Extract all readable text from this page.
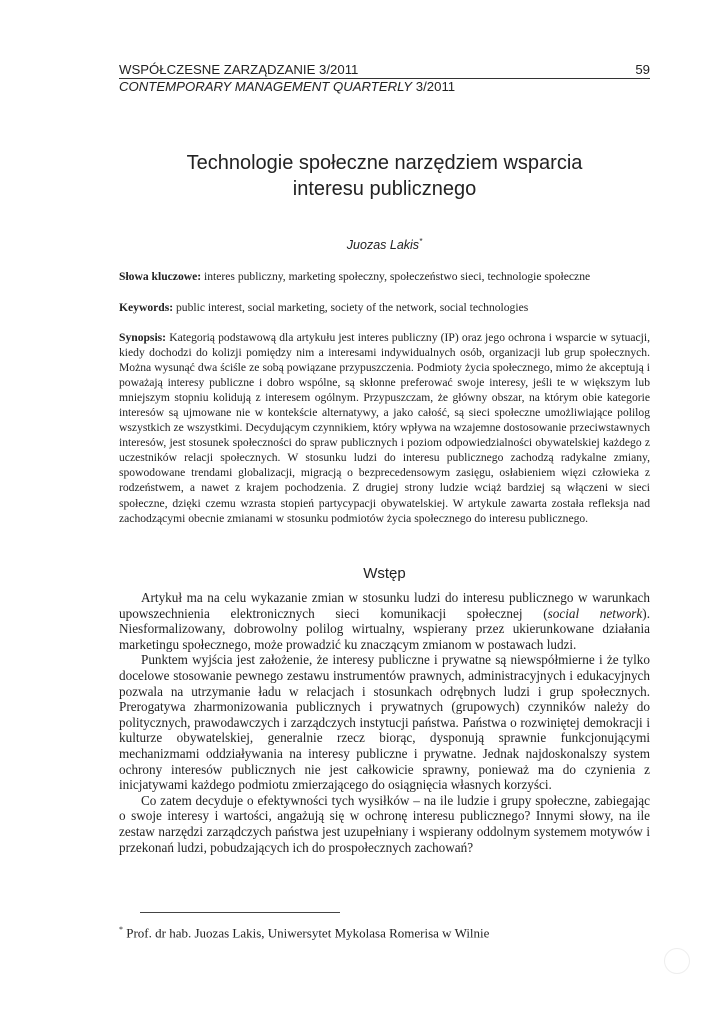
WSPÓŁCZESNE ZARZĄDZANIE 3/2011	59
CONTEMPORARY MANAGEMENT QUARTERLY 3/2011
Technologie społeczne narzędziem wsparcia
interesu publicznego
Juozas Lakis*
Słowa kluczowe: interes publiczny, marketing społeczny, społeczeństwo sieci, technologie społeczne
Keywords: public interest, social marketing, society of the network, social technologies
Synopsis: Kategorią podstawową dla artykułu jest interes publiczny (IP) oraz jego ochrona i wsparcie w sytuacji, kiedy dochodzi do kolizji pomiędzy nim a interesami indywidualnych osób, organizacji lub grup społecznych. Można wysunąć dwa ściśle ze sobą powiązane przypuszczenia. Podmioty życia społecznego, mimo że akceptują i poważają interesy publiczne i dobro wspólne, są skłonne preferować swoje interesy, jeśli te w większym lub mniejszym stopniu kolidują z interesem ogólnym. Przypuszczam, że główny obszar, na którym obie kategorie interesów są ujmowane nie w kontekście alternatywy, a jako całość, są sieci społeczne umożliwiające polilog wszystkich ze wszystkimi. Decydującym czynnikiem, który wpływa na wzajemne dostosowanie przeciwstawnych interesów, jest stosunek społeczności do spraw publicznych i poziom odpowiedzialności obywatelskiej każdego z uczestników relacji społecznych. W stosunku ludzi do interesu publicznego zachodzą radykalne zmiany, spowodowane trendami globalizacji, migracją o bezprecedensowym zasięgu, osłabieniem więzi człowieka z rodzeństwem, a nawet z krajem pochodzenia. Z drugiej strony ludzie wciąż bardziej są włączeni w sieci społeczne, dzięki czemu wzrasta stopień partycypacji obywatelskiej. W artykule zawarta została refleksja nad zachodzącymi obecnie zmianami w stosunku podmiotów życia społecznego do interesu publicznego.
Wstęp

Artykuł ma na celu wykazanie zmian w stosunku ludzi do interesu publicznego w warunkach upowszechnienia elektronicznych sieci komunikacji społecznej (social network). Niesformalizowany, dobrowolny polilog wirtualny, wspierany przez ukierunkowane działania marketingu społecznego, może prowadzić ku znaczącym zmianom w postawach ludzi.

Punktem wyjścia jest założenie, że interesy publiczne i prywatne są niewspółmierne i że tylko docelowe stosowanie pewnego zestawu instrumentów prawnych, administracyjnych i edukacyjnych pozwala na utrzymanie ładu w relacjach i stosunkach odrębnych ludzi i grup społecznych. Prerogatywa zharmonizowania publicznych i prywatnych (grupowych) czynników należy do politycznych, prawodawczych i zarządczych instytucji państwa. Państwa o rozwiniętej demokracji i kulturze obywatelskiej, generalnie rzecz biorąc, dysponują sprawnie funkcjonującymi mechanizmami oddziaływania na interesy publiczne i prywatne. Jednak najdoskonalszy system ochrony interesów publicznych nie jest całkowicie sprawny, ponieważ ma do czynienia z inicjatywami każdego podmiotu zmierzającego do osiągnięcia własnych korzyści.

Co zatem decyduje o efektywności tych wysiłków – na ile ludzie i grupy społeczne, zabiegając o swoje interesy i wartości, angażują się w ochronę interesu publicznego? Innymi słowy, na ile zestaw narzędzi zarządczych państwa jest uzupełniany i wspierany oddolnym systemem motywów i przekonań ludzi, pobudzających ich do prospołecznych zachowań?

* Prof. dr hab. Juozas Lakis, Uniwersytet Mykolasa Romerisa w Wilnie
